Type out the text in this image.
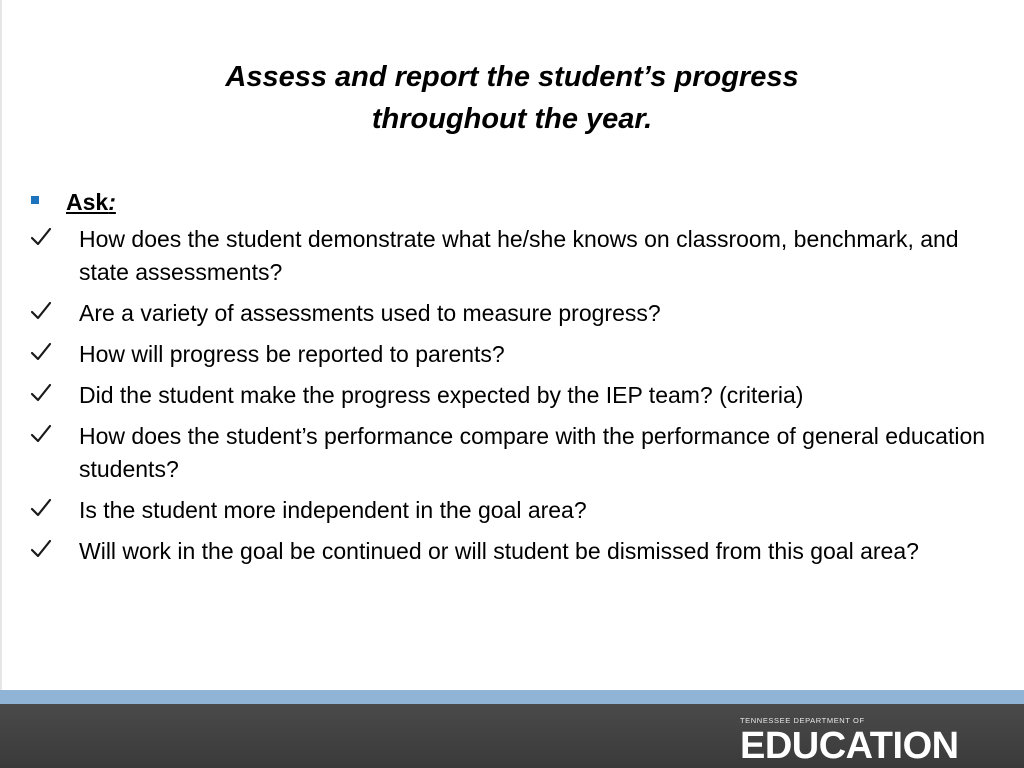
Assess and report the student’s progress
throughout the year.
Ask:
How does the student demonstrate what he/she knows on classroom, benchmark, and state assessments?
Are a variety of assessments used to measure progress?
How will progress be reported to parents?
Did the student make the progress expected by the IEP team? (criteria)
How does the student’s performance compare with the performance of general education students?
Is the student more independent in the goal area?
Will work in the goal be continued or will student be dismissed from this goal area?
TENNESSEE DEPARTMENT OF
EDUCATION
